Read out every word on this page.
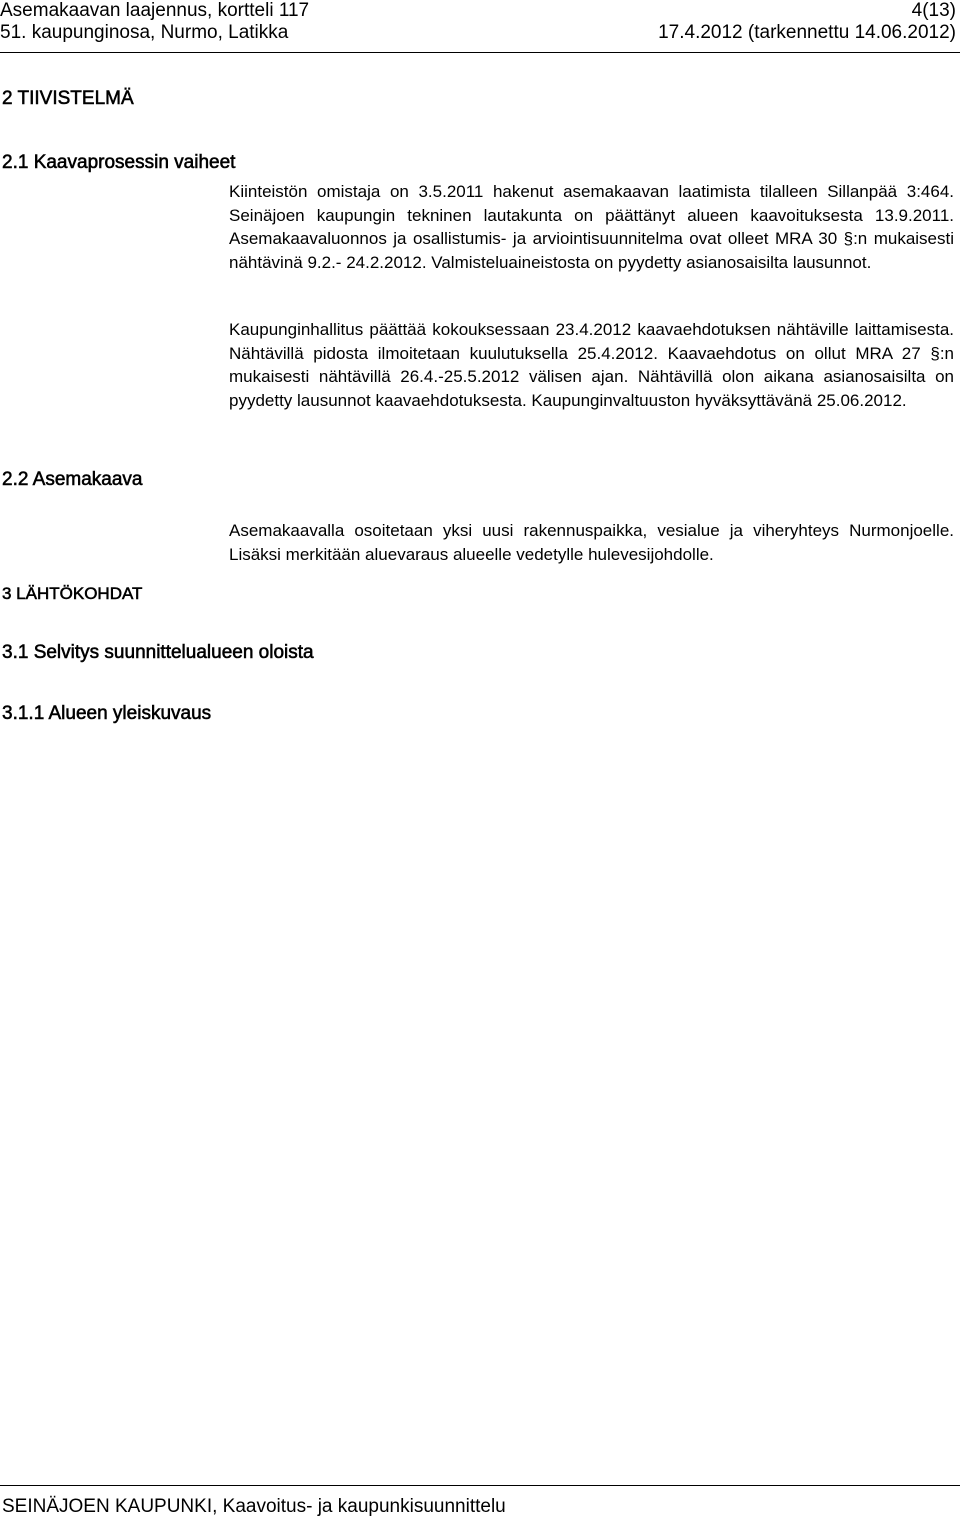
Asemakaavan laajennus, kortteli 117	4(13)
51. kaupunginosa, Nurmo, Latikka	17.4.2012 (tarkennettu 14.06.2012)
2 TIIVISTELMÄ
2.1 Kaavaprosessin vaiheet

Kiinteistön omistaja on 3.5.2011 hakenut asemakaavan laatimista tilalleen Sillanpää 3:464. Seinäjoen kaupungin tekninen lautakunta on päättänyt alueen kaavoituksesta 13.9.2011. Asemakaavaluonnos ja osallistumis- ja arviointisuunnitelma ovat olleet MRA 30 §:n mukaisesti nähtävinä 9.2.- 24.2.2012. Valmisteluaineistosta on pyydetty asianosaisilta lausunnot.

Kaupunginhallitus päättää kokouksessaan 23.4.2012 kaavaehdotuksen nähtäville laittamisesta. Nähtävillä pidosta ilmoitetaan kuulutuksella 25.4.2012. Kaavaehdotus on ollut MRA 27 §:n mukaisesti nähtävillä 26.4.-25.5.2012 välisen ajan. Nähtävillä olon aikana asianosaisilta on pyydetty lausunnot kaavaehdotuksesta. Kaupunginvaltuuston hyväksyttävänä 25.06.2012.

2.2 Asemakaava

Asemakaavalla osoitetaan yksi uusi rakennuspaikka, vesialue ja viheryhteys Nurmonjoelle. Lisäksi merkitään aluevaraus alueelle vedetylle hulevesijohdolle.

3 LÄHTÖKOHDAT
3.1 Selvitys suunnittelualueen oloista
3.1.1 Alueen yleiskuvaus
SEINÄJOEN KAUPUNKI, Kaavoitus- ja kaupunkisuunnittelu
